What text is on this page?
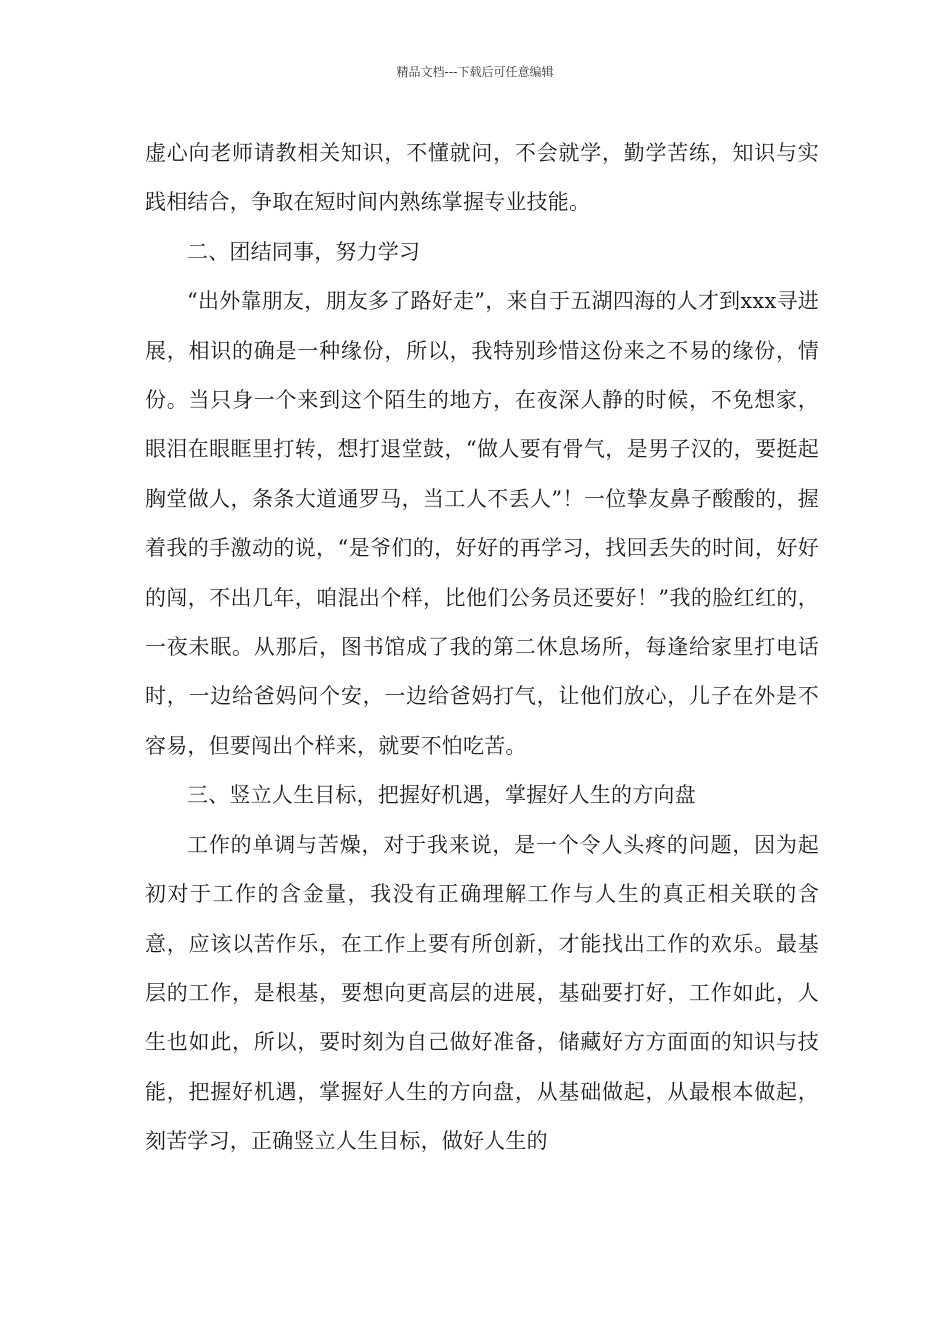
精品文档---下载后可任意编辑

虚心向老师请教相关知识，不懂就问，不会就学，勤学苦练，知识与实践相结合，争取在短时间内熟练掌握专业技能。

二、团结同事，努力学习

“出外靠朋友，朋友多了路好走”，来自于五湖四海的人才到xxx寻进展，相识的确是一种缘份，所以，我特别珍惜这份来之不易的缘份，情份。当只身一个来到这个陌生的地方，在夜深人静的时候，不免想家，眼泪在眼眶里打转，想打退堂鼓，“做人要有骨气，是男子汉的，要挺起胸堂做人，条条大道通罗马，当工人不丢人”！一位挚友鼻子酸酸的，握着我的手激动的说，“是爷们的，好好的再学习，找回丢失的时间，好好的闯，不出几年，咱混出个样，比他们公务员还要好！”我的脸红红的，一夜未眠。从那后，图书馆成了我的第二休息场所，每逢给家里打电话时，一边给爸妈问个安，一边给爸妈打气，让他们放心，儿子在外是不容易，但要闯出个样来，就要不怕吃苦。

三、竖立人生目标，把握好机遇，掌握好人生的方向盘

工作的单调与苦燥，对于我来说，是一个令人头疼的问题，因为起初对于工作的含金量，我没有正确理解工作与人生的真正相关联的含意，应该以苦作乐，在工作上要有所创新，才能找出工作的欢乐。最基层的工作，是根基，要想向更高层的进展，基础要打好，工作如此，人生也如此，所以，要时刻为自己做好准备，储藏好方方面面的知识与技能，把握好机遇，掌握好人生的方向盘，从基础做起，从最根本做起，刻苦学习，正确竖立人生目标，做好人生的
